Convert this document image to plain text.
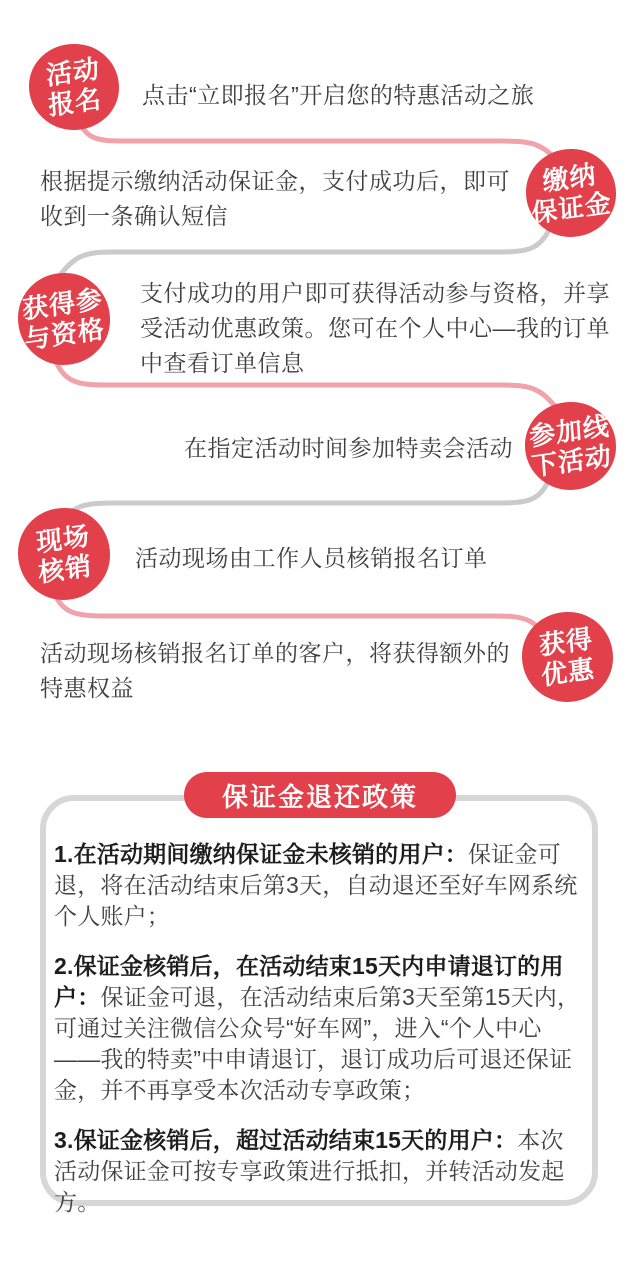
活动
报名 点击“立即报名”开启您的特惠活动之旅
缴纳
保证金
根据提示缴纳活动保证金，支付成功后，即可收到一条确认短信
获得参
与资格
支付成功的用户即可获得活动参与资格，并享受活动优惠政策。您可在个人中心—我的订单中查看订单信息
参加线
下活动
在指定活动时间参加特卖会活动
现场
核销 活动现场由工作人员核销报名订单
获得
优惠
活动现场核销报名订单的客户，将获得额外的特惠权益

1.在活动期间缴纳保证金未核销的用户：保证金可退，将在活动结束后第3天，自动退还至好车网系统个人账户；

2.保证金核销后，在活动结束15天内申请退订的用户：保证金可退，在活动结束后第3天至第15天内，可通过关注微信公众号“好车网”，进入“个人中心——我的特卖”中申请退订，退订成功后可退还保证金，并不再享受本次活动专享政策；

3.保证金核销后，超过活动结束15天的用户：本次活动保证金可按专享政策进行抵扣，并转活动发起方。

保证金退还政策
